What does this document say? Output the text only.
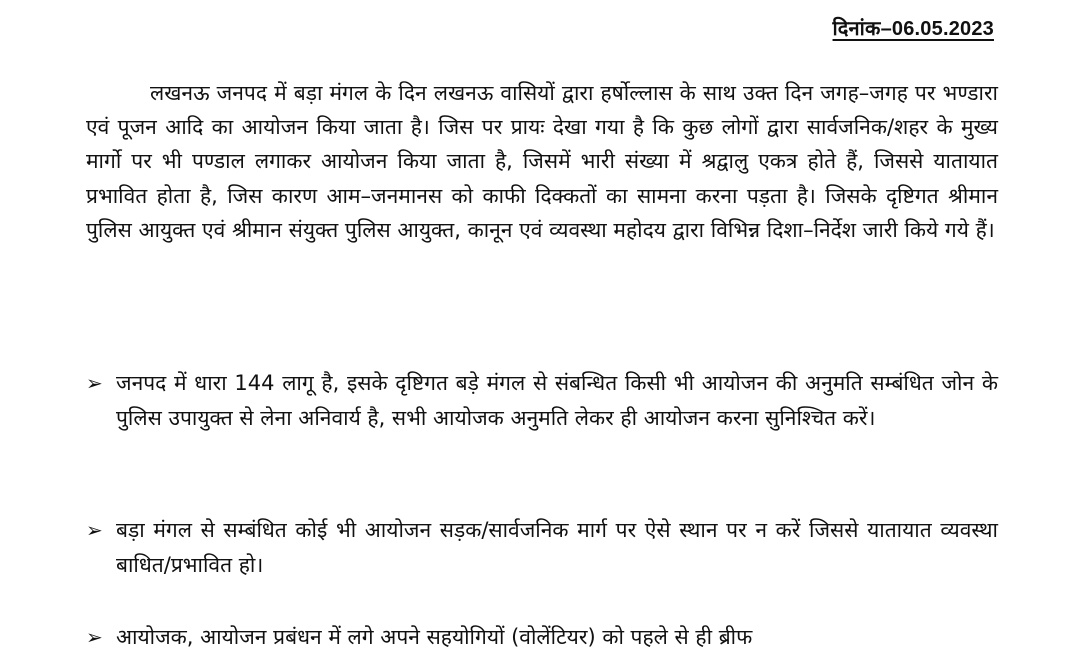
दिनांक–06.05.2023

लखनऊ जनपद में बड़ा मंगल के दिन लखनऊ वासियों द्वारा हर्षोल्लास के साथ उक्त दिन जगह–जगह पर भण्डारा एवं पूजन आदि का आयोजन किया जाता है। जिस पर प्रायः देखा गया है कि कुछ लोगों द्वारा सार्वजनिक/शहर के मुख्य मार्गो पर भी पण्डाल लगाकर आयोजन किया जाता है, जिसमें भारी संख्या में श्रद्वालु एकत्र होते हैं, जिससे यातायात प्रभावित होता है, जिस कारण आम–जनमानस को काफी दिक्कतों का सामना करना पड़ता है। जिसके दृष्टिगत श्रीमान पुलिस आयुक्त एवं श्रीमान संयुक्त पुलिस आयुक्त, कानून एवं व्यवस्था महोदय द्वारा विभिन्न दिशा–निर्देश जारी किये गये हैं।

➢ जनपद में धारा 144 लागू है, इसके दृष्टिगत बड़े मंगल से संबन्धित किसी भी आयोजन की अनुमति सम्बंधित जोन के पुलिस उपायुक्त से लेना अनिवार्य है, सभी आयोजक अनुमति लेकर ही आयोजन करना सुनिश्चित करें।

➢ बड़ा मंगल से सम्बंधित कोई भी आयोजन सड़क/सार्वजनिक मार्ग पर ऐसे स्थान पर न करें जिससे यातायात व्यवस्था बाधित/प्रभावित हो।

➢ आयोजक, आयोजन प्रबंधन में लगे अपने सहयोगियों (वोलेंटियर) को पहले से ही ब्रीफ
